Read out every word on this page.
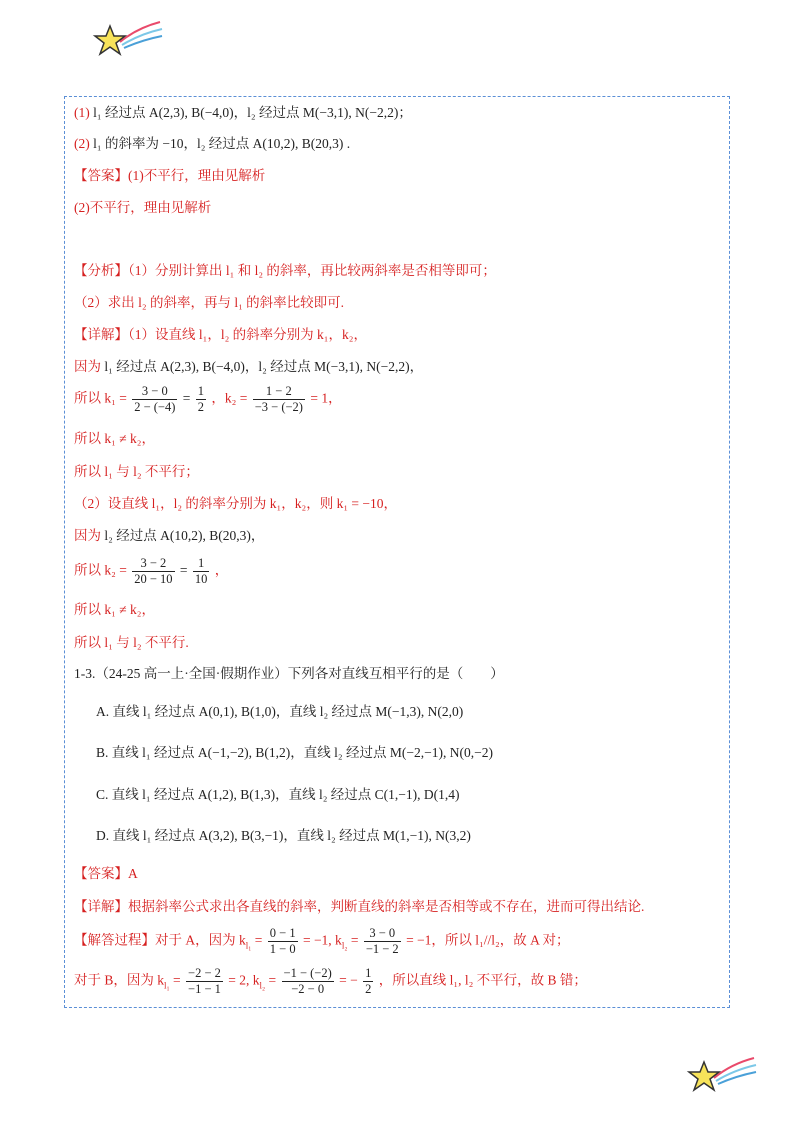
(1) l₁ 经过点 A(2,3), B(−4,0)，l₂ 经过点 M(−3,1), N(−2,2)；
(2) l₁ 的斜率为 −10，l₂ 经过点 A(10,2), B(20,3) .
【答案】(1)不平行，理由见解析
(2)不平行，理由见解析
【分析】（1）分别计算出 l₁ 和 l₂ 的斜率，再比较两斜率是否相等即可；
（2）求出 l₂ 的斜率，再与 l₁ 的斜率比较即可.
【详解】（1）设直线 l₁，l₂ 的斜率分别为 k₁，k₂，
因为 l₁ 经过点 A(2,3), B(−4,0)，l₂ 经过点 M(−3,1), N(−2,2)，
所以 $k_1 = \frac{3 - 0}{2 - (-4)} = \frac{1}{2}$ ，$k_2 = \frac{1 - 2}{-3 - (-2)} = 1$，
所以 k₁ ≠ k₂，
所以 l₁ 与 l₂ 不平行；
（2）设直线 l₁，l₂ 的斜率分别为 k₁，k₂，则 k₁ = −10，
因为 l₂ 经过点 A(10,2), B(20,3)，
所以 $k_2 = \frac{3 - 2}{20 - 10} = \frac{1}{10}$ ，
所以 k₁ ≠ k₂，
所以 l₁ 与 l₂ 不平行.
1-3.（24-25 高一上·全国·假期作业）下列各对直线互相平行的是（　　）
A. 直线 l₁ 经过点 A(0,1), B(1,0)，直线 l₂ 经过点 M(−1,3), N(2,0)
B. 直线 l₁ 经过点 A(−1,−2), B(1,2)，直线 l₂ 经过点 M(−2,−1), N(0,−2)
C. 直线 l₁ 经过点 A(1,2), B(1,3)，直线 l₂ 经过点 C(1,−1), D(1,4)
D. 直线 l₁ 经过点 A(3,2), B(3,−1)，直线 l₂ 经过点 M(1,−1), N(3,2)
【答案】A
【详解】根据斜率公式求出各直线的斜率，判断直线的斜率是否相等或不存在，进而可得出结论.
【解答过程】对于 A，因为 $k_{l_1} = \frac{0 - 1}{1 - 0} = -1$, $k_{l_2} = \frac{3 - 0}{-1 - 2} = -1$，所以 l₁//l₂，故 A 对；
对于 B，因为 $k_{l_1} = \frac{-2 - 2}{-1 - 1} = 2$, $k_{l_2} = \frac{-1 - (-2)}{-2 - 0}$ = − $\frac{1}{2}$ ，所以直线 l₁, l₂ 不平行，故 B 错；
